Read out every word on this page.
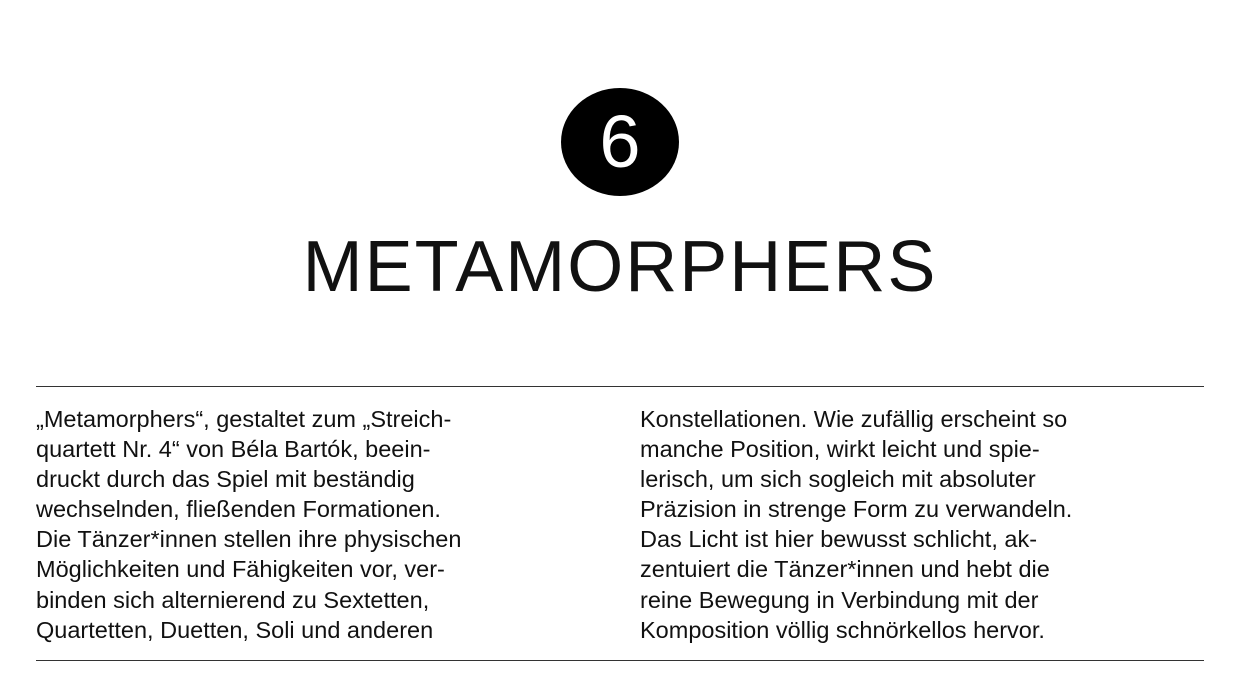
6
METAMORPHERS

„Metamorphers“, gestaltet zum „Streich-
quartett Nr. 4“ von Béla Bartók, beein-
druckt durch das Spiel mit beständig
wechselnden, fließenden Formationen.
Die Tänzer*innen stellen ihre physischen
Möglichkeiten und Fähigkeiten vor, ver-
binden sich alternierend zu Sextetten,
Quartetten, Duetten, Soli und anderen

Konstellationen. Wie zufällig erscheint so
manche Position, wirkt leicht und spie-
lerisch, um sich sogleich mit absoluter
Präzision in strenge Form zu verwandeln.
Das Licht ist hier bewusst schlicht, ak-
zentuiert die Tänzer*innen und hebt die
reine Bewegung in Verbindung mit der
Komposition völlig schnörkellos hervor.
